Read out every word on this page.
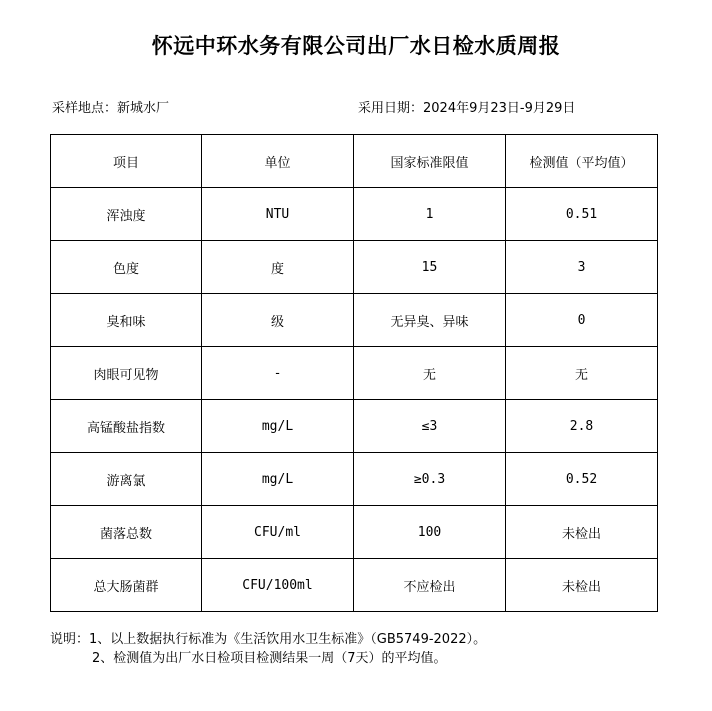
怀远中环水务有限公司出厂水日检水质周报
采样地点：新城水厂	采用日期：2024年9月23日-9月29日
项目	单位	国家标准限值	检测值（平均值）
浑浊度	NTU	1	0.51
色度	度	15	3
臭和味	级	无异臭、异味	0
肉眼可见物	-	无	无
高锰酸盐指数	mg/L	≤3	2.8
游离氯	mg/L	≥0.3	0.52
菌落总数	CFU/ml	100	未检出
总大肠菌群	CFU/100ml	不应检出	未检出
说明：1、以上数据执行标准为《生活饮用水卫生标准》（GB5749-2022）。
2、检测值为出厂水日检项目检测结果一周（7天）的平均值。
